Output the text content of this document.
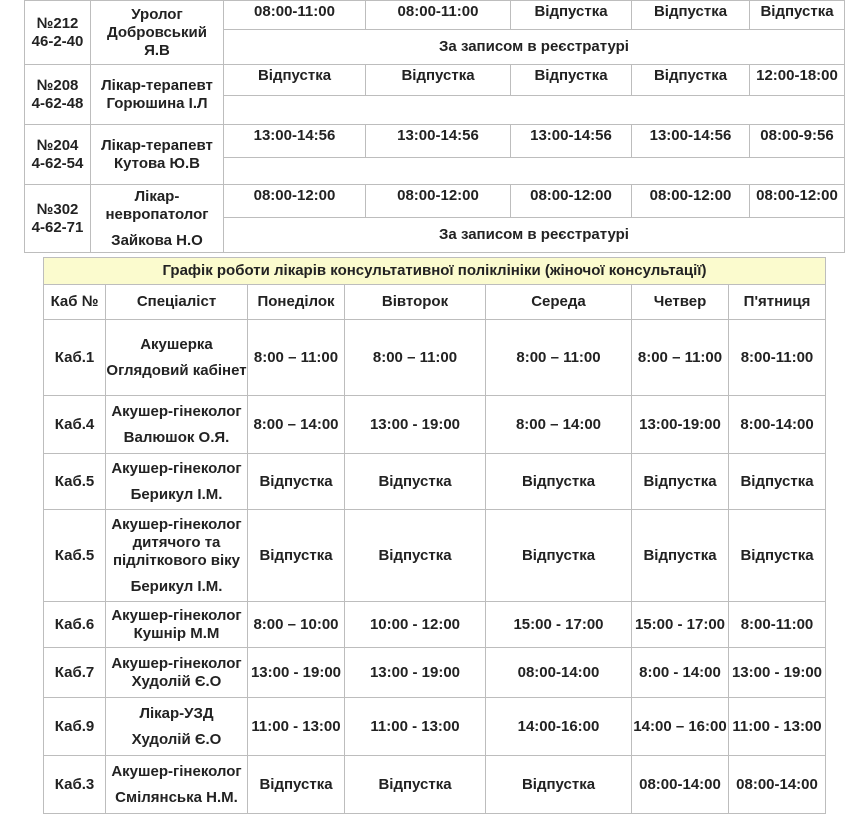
№212
46-2-40	Уролог
Добровський
Я.В	08:00-11:00	08:00-11:00	Відпустка	Відпустка	Відпустка
		За записом в реєстратурі				

№208
4-62-48	Лікар-терапевт
Горюшина І.Л	Відпустка	Відпустка	Відпустка	Відпустка	12:00-18:00

№204
4-62-54	Лікар-терапевт
Кутова Ю.В	13:00-14:56	13:00-14:56	13:00-14:56	13:00-14:56	08:00-9:56

№302
4-62-71	Лікар-
невропатолог
Зайкова Н.О	08:00-12:00	08:00-12:00	08:00-12:00	08:00-12:00	08:00-12:00
		За записом в реєстратурі				
Графік роботи лікарів консультативної поліклініки (жіночої консультації)						
Каб №	Спеціаліст	Понеділок	Вівторок	Середа	Четвер	П'ятниця
Каб.1	Акушерка
Оглядовий кабінет	8:00 – 11:00	8:00 – 11:00	8:00 – 11:00	8:00 – 11:00	8:00-11:00
Каб.4	Акушер-гінеколог
Валюшок О.Я.	8:00 – 14:00	13:00 - 19:00	8:00 – 14:00	13:00-19:00	8:00-14:00
Каб.5	Акушер-гінеколог
Берикул І.М.	Відпустка	Відпустка	Відпустка	Відпустка	Відпустка
Каб.5	Акушер-гінеколог дитячого та підліткового віку
Берикул І.М.	Відпустка	Відпустка	Відпустка	Відпустка	Відпустка
Каб.6	Акушер-гінеколог
Кушнір М.М	8:00 – 10:00	10:00 - 12:00	15:00 - 17:00	15:00 - 17:00	8:00-11:00
Каб.7	Акушер-гінеколог
Худолій Є.О	13:00 - 19:00	13:00 - 19:00	08:00-14:00	8:00 - 14:00	13:00 - 19:00
Каб.9	Лікар-УЗД
Худолій Є.О	11:00 - 13:00	11:00 - 13:00	14:00-16:00	14:00 – 16:00	11:00 - 13:00
Каб.3	Акушер-гінеколог
Смілянська Н.М.	Відпустка	Відпустка	Відпустка	08:00-14:00	08:00-14:00
